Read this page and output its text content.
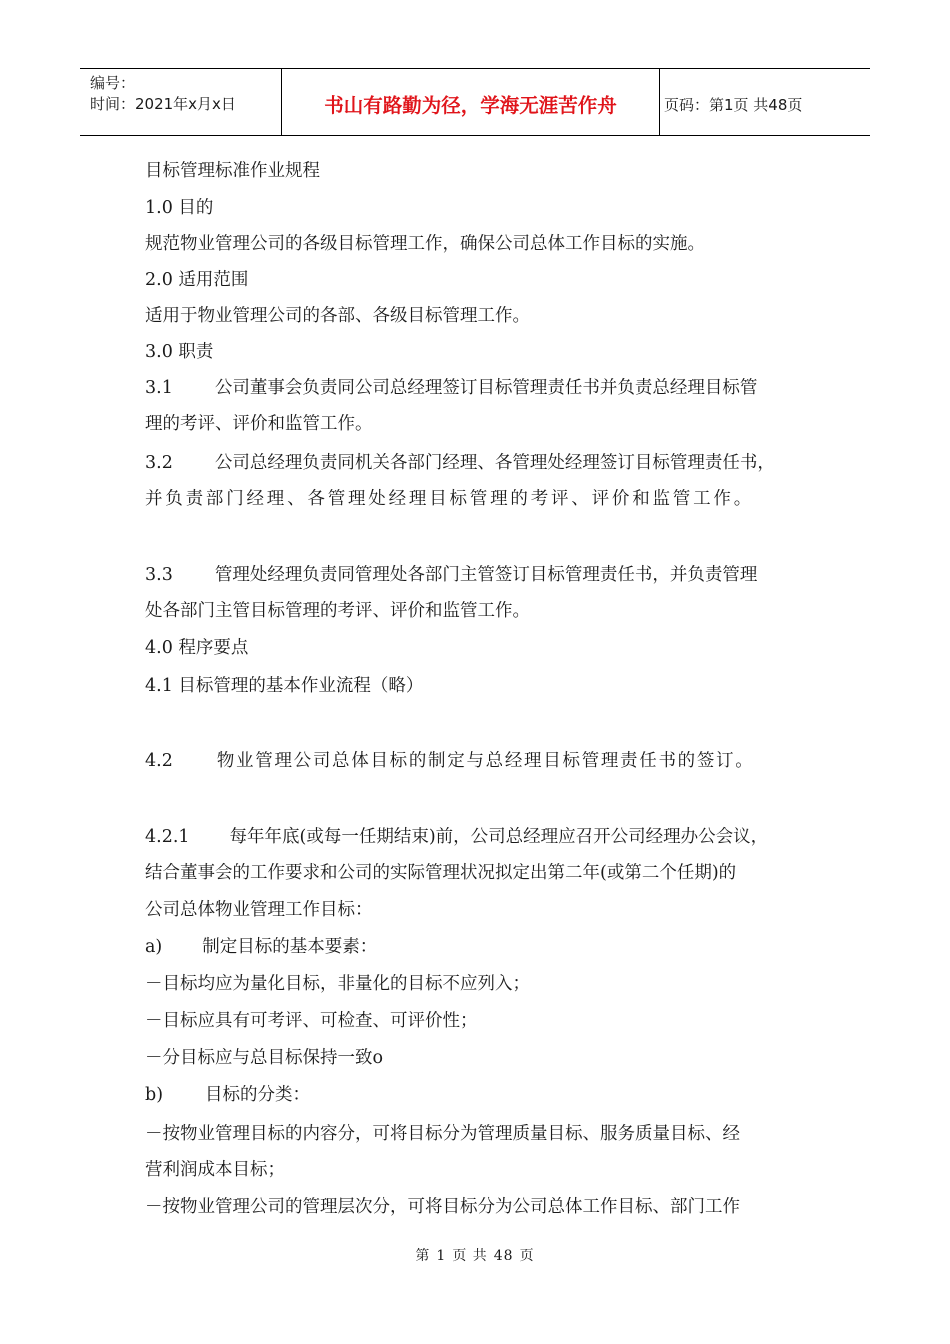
编号：
时间：2021年x月x日	书山有路勤为径，学海无涯苦作舟	页码：第1页 共48页
目标管理标准作业规程
1.0 目的
规范物业管理公司的各级目标管理工作，确保公司总体工作目标的实施。
2.0 适用范围
适用于物业管理公司的各部、各级目标管理工作。
3.0 职责
3.1 公司董事会负责同公司总经理签订目标管理责任书并负责总经理目标管
理的考评、评价和监管工作。
3.2 公司总经理负责同机关各部门经理、各管理处经理签订目标管理责任书，
并负责部门经理、各管理处经理目标管理的考评、评价和监管工作。
3.3 管理处经理负责同管理处各部门主管签订目标管理责任书，并负责管理
处各部门主管目标管理的考评、评价和监管工作。
4.0 程序要点
4.1 目标管理的基本作业流程（略）
4.2	物业管理公司总体目标的制定与总经理目标管理责任书的签订。
4.2.1 每年年底(或每一任期结束)前，公司总经理应召开公司经理办公会议，
结合董事会的工作要求和公司的实际管理状况拟定出第二年(或第二个任期)的
公司总体物业管理工作目标：
a) 制定目标的基本要素：
－目标均应为量化目标，非量化的目标不应列入；
－目标应具有可考评、可检查、可评价性；
－分目标应与总目标保持一致o
b) 目标的分类：
－按物业管理目标的内容分，可将目标分为管理质量目标、服务质量目标、经
营利润成本目标；
－按物业管理公司的管理层次分，可将目标分为公司总体工作目标、部门工作
第 1 页 共 48 页
